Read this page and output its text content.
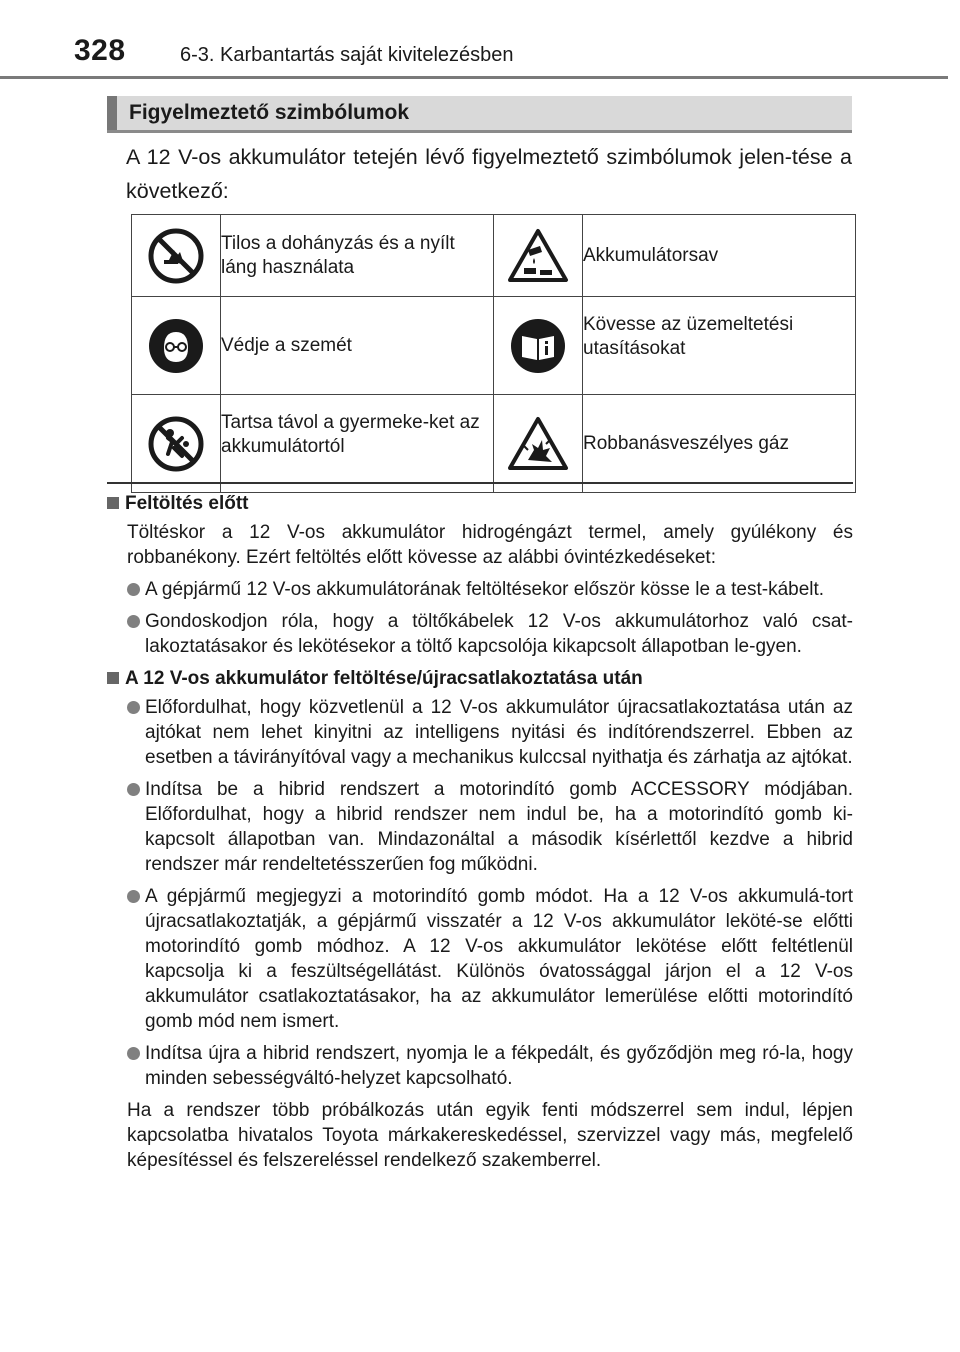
328	6-3. Karbantartás saját kivitelezésben
Figyelmeztető szimbólumok
A 12 V-os akkumulátor tetején lévő figyelmeztető szimbólumok jelen-tése a következő:
	Tilos a dohányzás és a nyílt láng használata		Akkumulátorsav

	Védje a szemét		Kövesse az üzemeltetési utasításokat

	Tartsa távol a gyermeke-ket az akkumulátortól		Robbanásveszélyes gáz
Feltöltés előtt
Töltéskor a 12 V-os akkumulátor hidrogéngázt termel, amely gyúlékony és robbanékony. Ezért feltöltés előtt kövesse az alábbi óvintézkedéseket:
A gépjármű 12 V-os akkumulátorának feltöltésekor először kösse le a test-kábelt.
Gondoskodjon róla, hogy a töltőkábelek 12 V-os akkumulátorhoz való csat-lakoztatásakor és lekötésekor a töltő kapcsolója kikapcsolt állapotban le-gyen.
A 12 V-os akkumulátor feltöltése/újracsatlakoztatása után
Előfordulhat, hogy közvetlenül a 12 V-os akkumulátor újracsatlakoztatása után az ajtókat nem lehet kinyitni az intelligens nyitási és indítórendszerrel. Ebben az esetben a távirányítóval vagy a mechanikus kulccsal nyithatja és zárhatja az ajtókat.
Indítsa be a hibrid rendszert a motorindító gomb ACCESSORY módjában. Előfordulhat, hogy a hibrid rendszer nem indul be, ha a motorindító gomb ki-kapcsolt állapotban van. Mindazonáltal a második kísérlettől kezdve a hibrid rendszer már rendeltetésszerűen fog működni.
A gépjármű megjegyzi a motorindító gomb módot. Ha a 12 V-os akkumulá-tort újracsatlakoztatják, a gépjármű visszatér a 12 V-os akkumulátor leköté-se előtti motorindító gomb módhoz. A 12 V-os akkumulátor lekötése előtt feltétlenül kapcsolja ki a feszültségellátást. Különös óvatossággal járjon el a 12 V-os akkumulátor csatlakoztatásakor, ha az akkumulátor lemerülése előtti motorindító gomb mód nem ismert.
Indítsa újra a hibrid rendszert, nyomja le a fékpedált, és győződjön meg ró-la, hogy minden sebességváltó-helyzet kapcsolható.
Ha a rendszer több próbálkozás után egyik fenti módszerrel sem indul, lépjen kapcsolatba hivatalos Toyota márkakereskedéssel, szervizzel vagy más, megfelelő képesítéssel és felszereléssel rendelkező szakemberrel.
